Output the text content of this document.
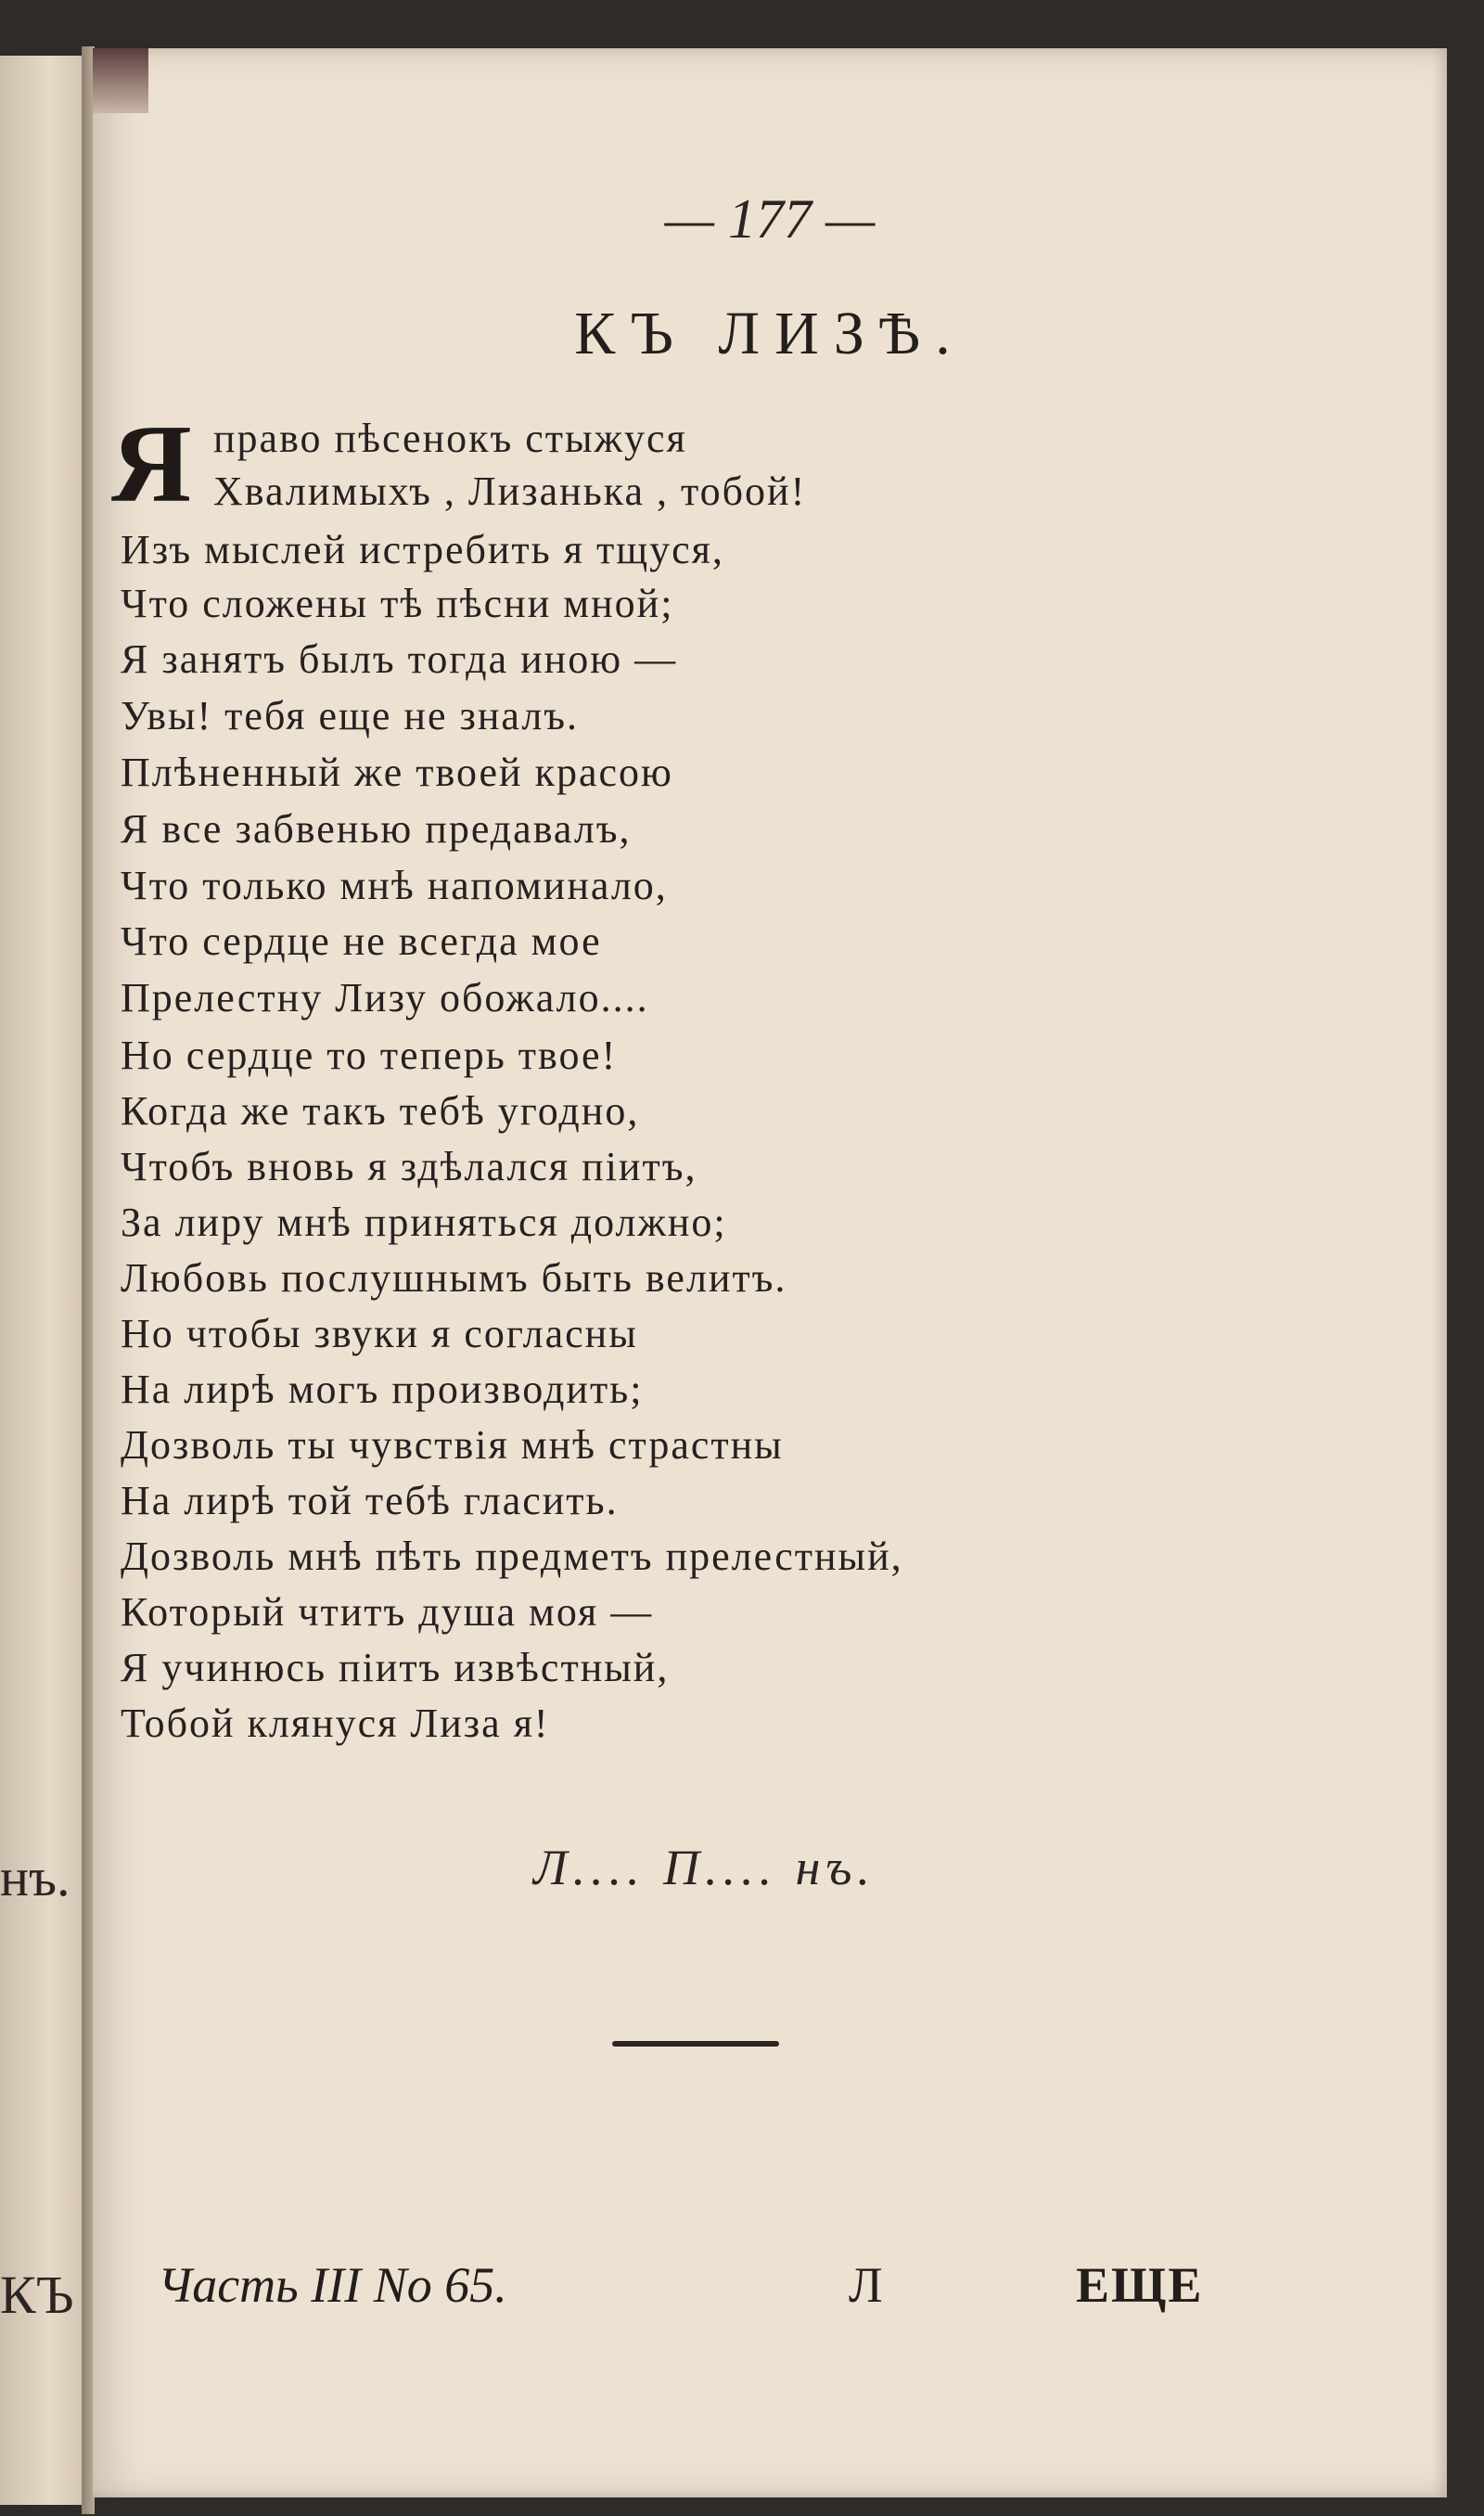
нъ.
КЪ
— 177 —
КЪ ЛИЗѢ.
Я право пѣсенокъ стыжуся
Хвалимыхъ , Лизанька , тобой!
Изъ мыслей истребить я тщуся,
Что сложены тѣ пѣсни мной;
Я занятъ былъ тогда иною —
Увы! тебя еще не зналъ.
Плѣненный же твоей красою
Я все забвенью предавалъ,
Что только мнѣ напоминало,
Что сердце не всегда мое
Прелестну Лизу обожало....
Но сердце то теперь твое!
Когда же такъ тебѣ угодно,
Чтобъ вновь я здѣлался піитъ,
За лиру мнѣ приняться должно;
Любовь послушнымъ быть велитъ.
Но чтобы звуки я согласны
На лирѣ могъ производить;
Дозволь ты чувствія мнѣ страстны
На лирѣ той тебѣ гласить.
Дозволь мнѣ пѣть предметъ прелестный,
Который чтитъ душа моя —
Я учинюсь піитъ извѣстный,
Тобой клянуся Лиза я!
Л.... П.... нъ.
Часть III No 65.	Л	ЕЩЕ
